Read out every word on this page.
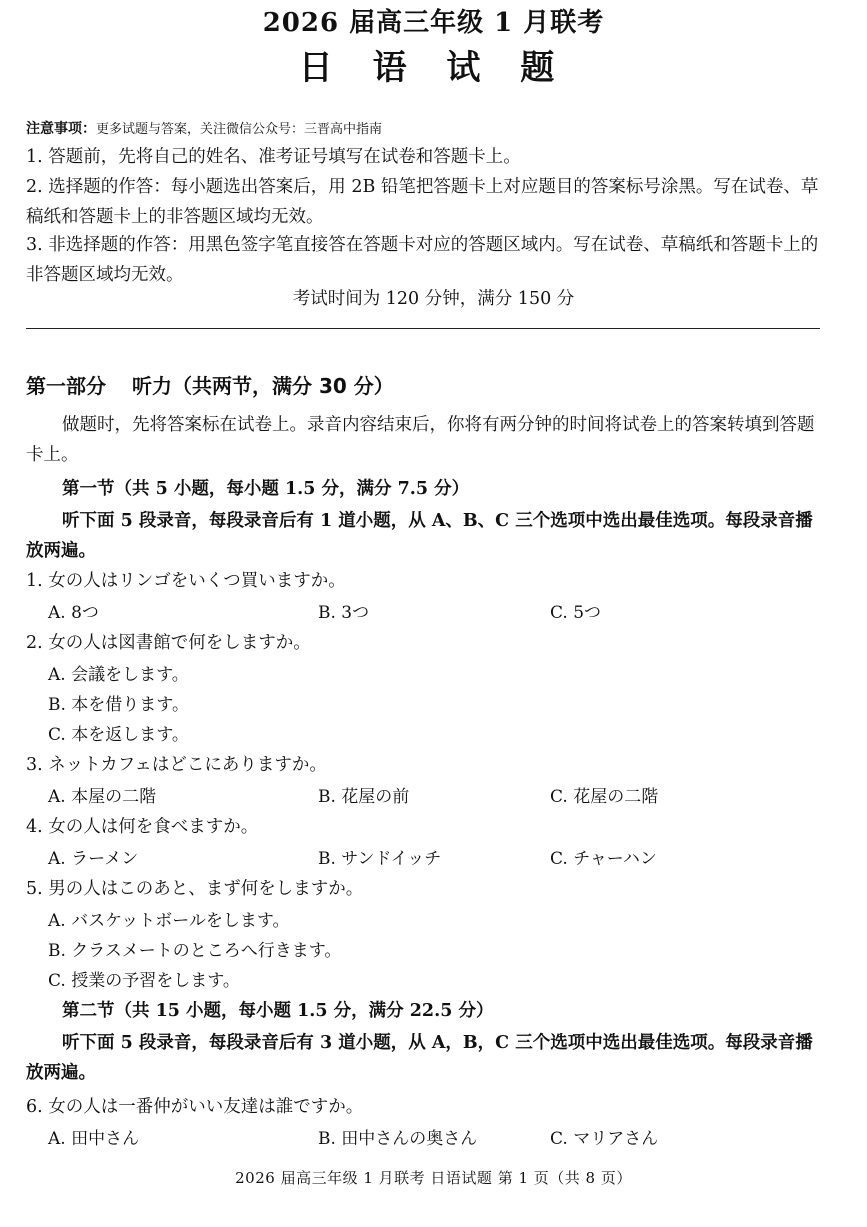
2026 届高三年级 1 月联考
日 语 试 题
注意事项：更多试题与答案，关注微信公众号：三晋高中指南
1. 答题前，先将自己的姓名、准考证号填写在试卷和答题卡上。
2. 选择题的作答：每小题选出答案后，用 2B 铅笔把答题卡上对应题目的答案标号涂黑。写在试卷、草稿纸和答题卡上的非答题区域均无效。
3. 非选择题的作答：用黑色签字笔直接答在答题卡对应的答题区域内。写在试卷、草稿纸和答题卡上的非答题区域均无效。
考试时间为 120 分钟，满分 150 分
第一部分 听力（共两节，满分 30 分）
做题时，先将答案标在试卷上。录音内容结束后，你将有两分钟的时间将试卷上的答案转填到答题卡上。
第一节（共 5 小题，每小题 1.5 分，满分 7.5 分）
听下面 5 段录音，每段录音后有 1 道小题，从 A、B、C 三个选项中选出最佳选项。每段录音播放两遍。
1. 女の人はリンゴをいくつ買いますか。
A. 8つ	B. 3つ	C. 5つ
2. 女の人は図書館で何をしますか。
A. 会議をします。
B. 本を借ります。
C. 本を返します。
3. ネットカフェはどこにありますか。
A. 本屋の二階	B. 花屋の前	C. 花屋の二階
4. 女の人は何を食べますか。
A. ラーメン	B. サンドイッチ	C. チャーハン
5. 男の人はこのあと、まず何をしますか。
A. バスケットボールをします。
B. クラスメートのところへ行きます。
C. 授業の予習をします。
第二节（共 15 小题，每小题 1.5 分，满分 22.5 分）
听下面 5 段录音，每段录音后有 3 道小题，从 A，B，C 三个选项中选出最佳选项。每段录音播放两遍。
6. 女の人は一番仲がいい友達は誰ですか。
A. 田中さん	B. 田中さんの奥さん	C. マリアさん
2026 届高三年级 1 月联考 日语试题 第 1 页（共 8 页）
